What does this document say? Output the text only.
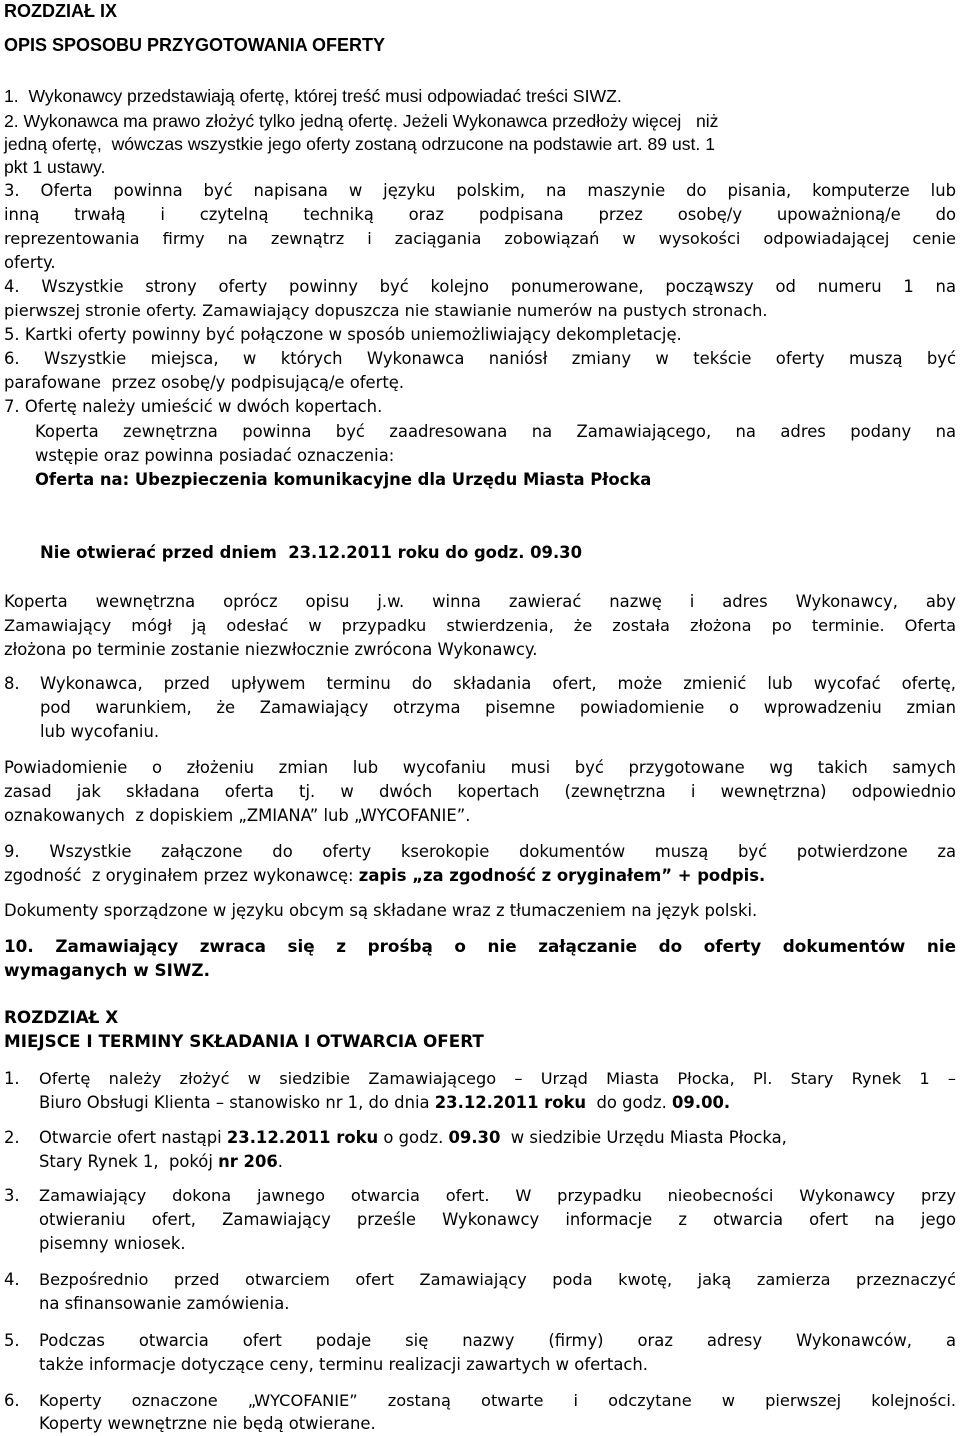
ROZDZIAŁ IX
OPIS SPOSOBU PRZYGOTOWANIA OFERTY
1.  Wykonawcy przedstawiają ofertę, której treść musi odpowiadać treści SIWZ.
2. Wykonawca ma prawo złożyć tylko jedną ofertę. Jeżeli Wykonawca przedłoży więcej   niż
jedną ofertę,  wówczas wszystkie jego oferty zostaną odrzucone na podstawie art. 89 ust. 1
pkt 1 ustawy.
3. Oferta powinna być napisana w języku polskim, na maszynie do pisania, komputerze lub
inną trwałą i czytelną techniką oraz podpisana przez osobę/y upoważnioną/e do
reprezentowania firmy na zewnątrz i zaciągania zobowiązań w wysokości odpowiadającej cenie
oferty.
4. Wszystkie strony oferty powinny być kolejno ponumerowane, począwszy od numeru 1 na
pierwszej stronie oferty. Zamawiający dopuszcza nie stawianie numerów na pustych stronach.
5. Kartki oferty powinny być połączone w sposób uniemożliwiający dekompletację.
6. Wszystkie miejsca, w których Wykonawca naniósł zmiany w tekście oferty muszą być
parafowane  przez osobę/y podpisującą/e ofertę.
7. Ofertę należy umieścić w dwóch kopertach.
Koperta zewnętrzna powinna być zaadresowana na Zamawiającego, na adres podany na
wstępie oraz powinna posiadać oznaczenia:
Oferta na: Ubezpieczenia komunikacyjne dla Urzędu Miasta Płocka
Nie otwierać przed dniem  23.12.2011 roku do godz. 09.30
Koperta wewnętrzna oprócz opisu j.w. winna zawierać nazwę i adres Wykonawcy, aby
Zamawiający mógł ją odesłać w przypadku stwierdzenia, że została złożona po terminie. Oferta
złożona po terminie zostanie niezwłocznie zwrócona Wykonawcy.
8. Wykonawca, przed upływem terminu do składania ofert, może zmienić lub wycofać ofertę,
pod warunkiem, że Zamawiający otrzyma pisemne powiadomienie o wprowadzeniu zmian
lub wycofaniu.
Powiadomienie o złożeniu zmian lub wycofaniu musi być przygotowane wg takich samych
zasad jak składana oferta tj. w dwóch kopertach (zewnętrzna i wewnętrzna) odpowiednio
oznakowanych  z dopiskiem „ZMIANA” lub „WYCOFANIE”.
9. Wszystkie załączone do oferty kserokopie dokumentów muszą być potwierdzone za
zgodność  z oryginałem przez wykonawcę: zapis „za zgodność z oryginałem” + podpis.
Dokumenty sporządzone w języku obcym są składane wraz z tłumaczeniem na język polski.
10. Zamawiający zwraca się z prośbą o nie załączanie do oferty dokumentów nie
wymaganych w SIWZ.
ROZDZIAŁ X
MIEJSCE I TERMINY SKŁADANIA I OTWARCIA OFERT
1. Ofertę należy złożyć w siedzibie Zamawiającego – Urząd Miasta Płocka, Pl. Stary Rynek 1 –
Biuro Obsługi Klienta – stanowisko nr 1, do dnia 23.12.2011 roku  do godz. 09.00.
2. Otwarcie ofert nastąpi 23.12.2011 roku o godz. 09.30  w siedzibie Urzędu Miasta Płocka,
Stary Rynek 1,  pokój nr 206.
3. Zamawiający dokona jawnego otwarcia ofert. W przypadku nieobecności Wykonawcy przy
otwieraniu ofert, Zamawiający prześle Wykonawcy informacje z otwarcia ofert na jego
pisemny wniosek.
4. Bezpośrednio przed otwarciem ofert Zamawiający poda kwotę, jaką zamierza przeznaczyć
na sfinansowanie zamówienia.
5. Podczas otwarcia ofert podaje się nazwy (firmy) oraz adresy Wykonawców, a
także informacje dotyczące ceny, terminu realizacji zawartych w ofertach.
6. Koperty oznaczone „WYCOFANIE” zostaną otwarte i odczytane w pierwszej kolejności.
Koperty wewnętrzne nie będą otwierane.
